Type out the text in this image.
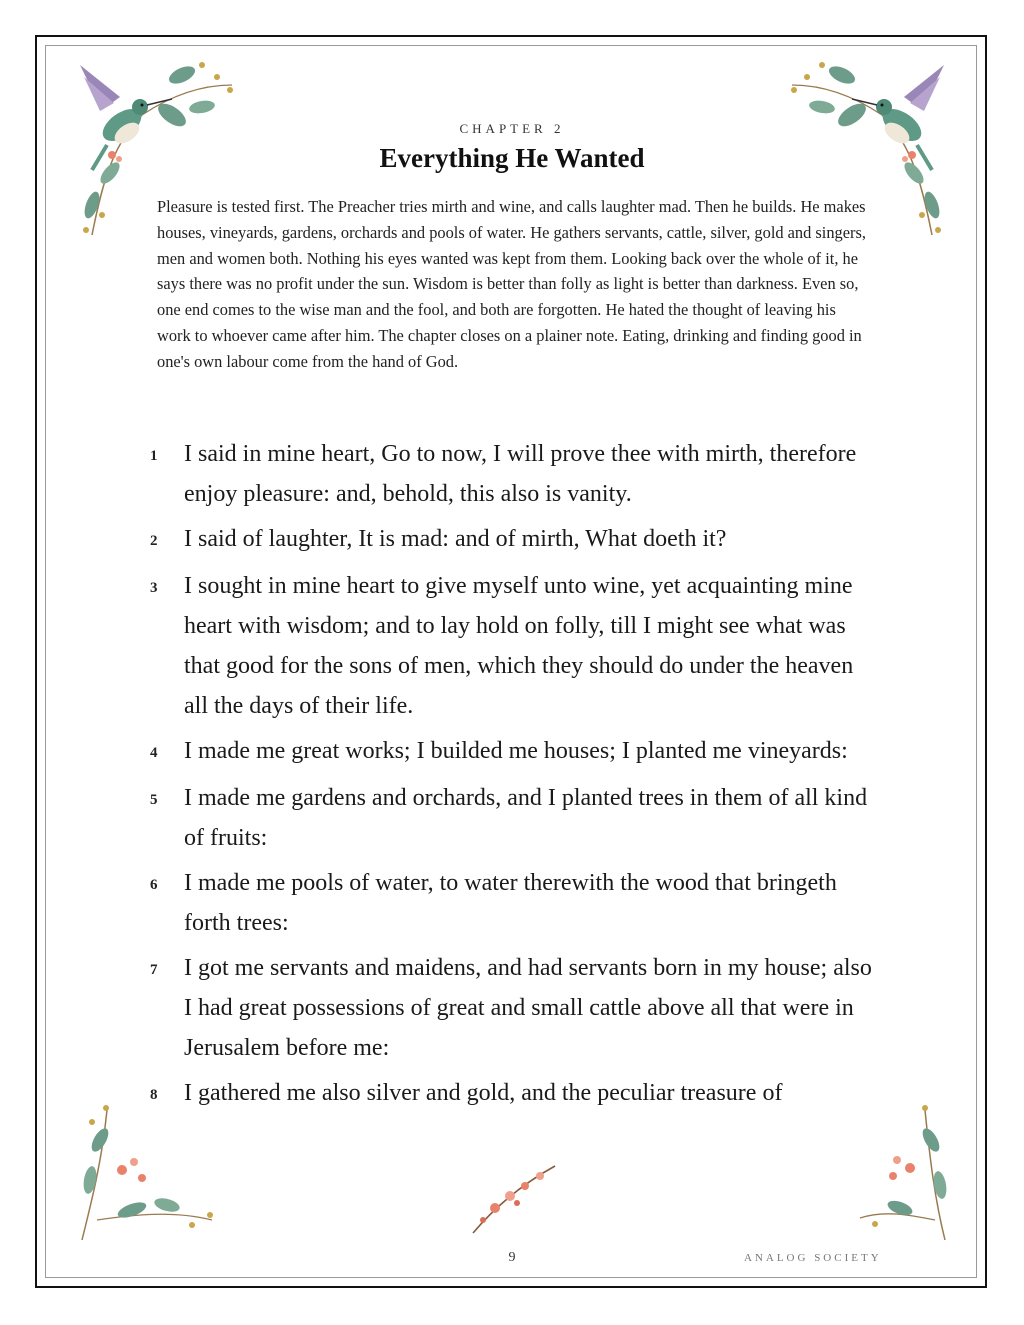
CHAPTER 2
Everything He Wanted

Pleasure is tested first. The Preacher tries mirth and wine, and calls laughter mad. Then he builds. He makes houses, vineyards, gardens, orchards and pools of water. He gathers servants, cattle, silver, gold and singers, men and women both. Nothing his eyes wanted was kept from them. Looking back over the whole of it, he says there was no profit under the sun. Wisdom is better than folly as light is better than darkness. Even so, one end comes to the wise man and the fool, and both are forgotten. He hated the thought of leaving his work to whoever came after him. The chapter closes on a plainer note. Eating, drinking and finding good in one's own labour come from the hand of God.

1	I said in mine heart, Go to now, I will prove thee with mirth, therefore enjoy pleasure: and, behold, this also is vanity.
2	I said of laughter, It is mad: and of mirth, What doeth it?
3	I sought in mine heart to give myself unto wine, yet acquainting mine heart with wisdom; and to lay hold on folly, till I might see what was that good for the sons of men, which they should do under the heaven all the days of their life.
4	I made me great works; I builded me houses; I planted me vineyards:
5	I made me gardens and orchards, and I planted trees in them of all kind of fruits:
6	I made me pools of water, to water therewith the wood that bringeth forth trees:
7	I got me servants and maidens, and had servants born in my house; also I had great possessions of great and small cattle above all that were in Jerusalem before me:
8	I gathered me also silver and gold, and the peculiar treasure of
9	ANALOG SOCIETY
